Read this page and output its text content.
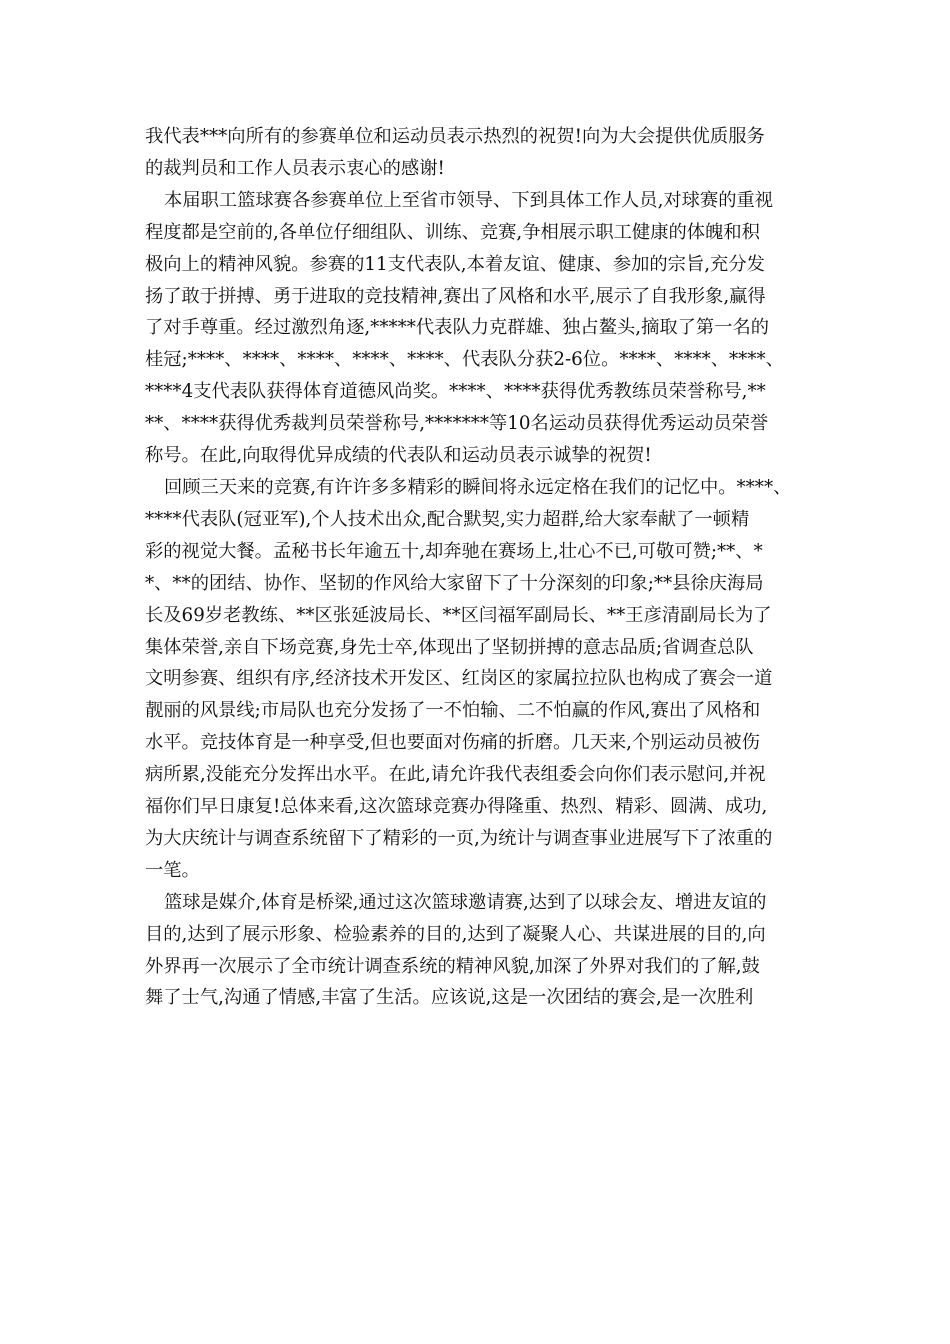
我代表***向所有的参赛单位和运动员表示热烈的祝贺!向为大会提供优质服务
的裁判员和工作人员表示衷心的感谢!
本届职工篮球赛各参赛单位上至省市领导、下到具体工作人员,对球赛的重视
程度都是空前的,各单位仔细组队、训练、竞赛,争相展示职工健康的体魄和积
极向上的精神风貌。参赛的11支代表队,本着友谊、健康、参加的宗旨,充分发
扬了敢于拼搏、勇于进取的竞技精神,赛出了风格和水平,展示了自我形象,赢得
了对手尊重。经过激烈角逐,*****代表队力克群雄、独占鳌头,摘取了第一名的
桂冠;****、****、****、****、****、代表队分获2-6位。****、****、****、
****4支代表队获得体育道德风尚奖。****、****获得优秀教练员荣誉称号,**
**、****获得优秀裁判员荣誉称号,*******等10名运动员获得优秀运动员荣誉
称号。在此,向取得优异成绩的代表队和运动员表示诚挚的祝贺!
回顾三天来的竞赛,有许许多多精彩的瞬间将永远定格在我们的记忆中。****、
****代表队(冠亚军),个人技术出众,配合默契,实力超群,给大家奉献了一顿精
彩的视觉大餐。孟秘书长年逾五十,却奔驰在赛场上,壮心不已,可敬可赞;**、*
*、**的团结、协作、坚韧的作风给大家留下了十分深刻的印象;**县徐庆海局
长及69岁老教练、**区张延波局长、**区闫福军副局长、**王彦清副局长为了
集体荣誉,亲自下场竞赛,身先士卒,体现出了坚韧拼搏的意志品质;省调查总队
文明参赛、组织有序,经济技术开发区、红岗区的家属拉拉队也构成了赛会一道
靓丽的风景线;市局队也充分发扬了一不怕输、二不怕赢的作风,赛出了风格和
水平。竞技体育是一种享受,但也要面对伤痛的折磨。几天来,个别运动员被伤
病所累,没能充分发挥出水平。在此,请允许我代表组委会向你们表示慰问,并祝
福你们早日康复!总体来看,这次篮球竞赛办得隆重、热烈、精彩、圆满、成功,
为大庆统计与调查系统留下了精彩的一页,为统计与调查事业进展写下了浓重的
一笔。
篮球是媒介,体育是桥梁,通过这次篮球邀请赛,达到了以球会友、增进友谊的
目的,达到了展示形象、检验素养的目的,达到了凝聚人心、共谋进展的目的,向
外界再一次展示了全市统计调查系统的精神风貌,加深了外界对我们的了解,鼓
舞了士气,沟通了情感,丰富了生活。应该说,这是一次团结的赛会,是一次胜利
